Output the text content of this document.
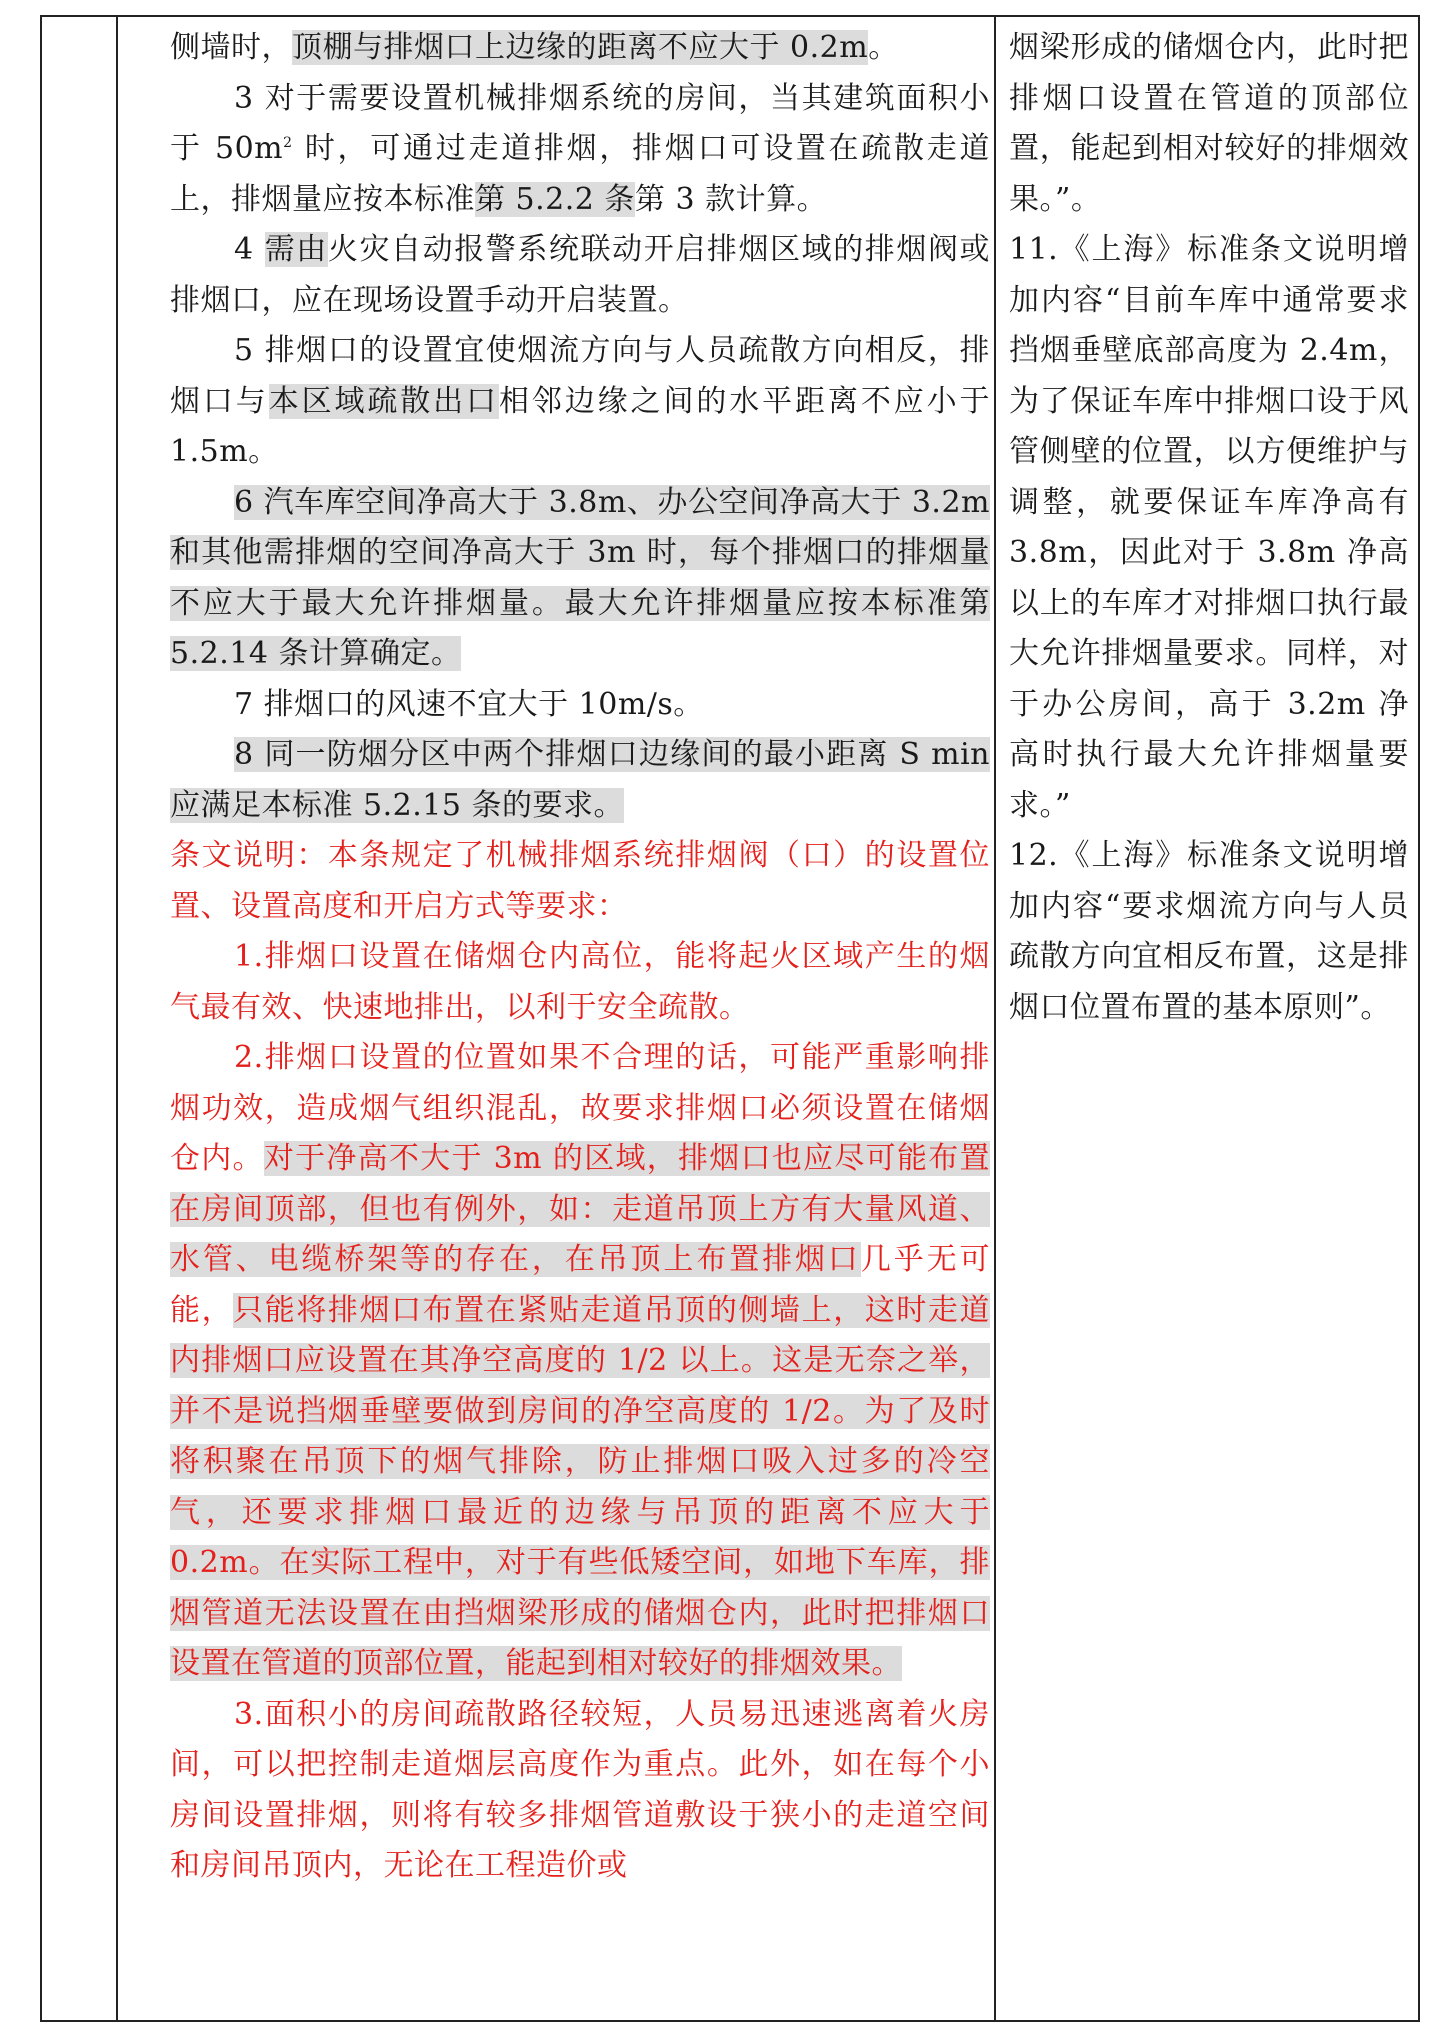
侧墙时，顶棚与排烟口上边缘的距离不应大于 0.2m。

3 对于需要设置机械排烟系统的房间，当其建筑面积小于 $50m^2$ 时，可通过走道排烟，排烟口可设置在疏散走道上，排烟量应按本标准第 5.2.2 条第 3 款计算。

4 需由火灾自动报警系统联动开启排烟区域的排烟阀或排烟口，应在现场设置手动开启装置。

5 排烟口的设置宜使烟流方向与人员疏散方向相反，排烟口与本区域疏散出口相邻边缘之间的水平距离不应小于 1.5m。

6 汽车库空间净高大于 3.8m、办公空间净高大于 3.2m 和其他需排烟的空间净高大于 3m 时，每个排烟口的排烟量不应大于最大允许排烟量。最大允许排烟量应按本标准第 5.2.14 条计算确定。

7 排烟口的风速不宜大于 10m/s。

8 同一防烟分区中两个排烟口边缘间的最小距离 S min 应满足本标准 5.2.15 条的要求。

条文说明：本条规定了机械排烟系统排烟阀（口）的设置位置、设置高度和开启方式等要求：

1.排烟口设置在储烟仓内高位，能将起火区域产生的烟气最有效、快速地排出，以利于安全疏散。

2.排烟口设置的位置如果不合理的话，可能严重影响排烟功效，造成烟气组织混乱，故要求排烟口必须设置在储烟仓内。对于净高不大于 3m 的区域，排烟口也应尽可能布置在房间顶部，但也有例外，如：走道吊顶上方有大量风道、水管、电缆桥架等的存在，在吊顶上布置排烟口几乎无可能，只能将排烟口布置在紧贴走道吊顶的侧墙上，这时走道内排烟口应设置在其净空高度的 1/2 以上。这是无奈之举，并不是说挡烟垂壁要做到房间的净空高度的 1/2。为了及时将积聚在吊顶下的烟气排除，防止排烟口吸入过多的冷空气，还要求排烟口最近的边缘与吊顶的距离不应大于 0.2m。在实际工程中，对于有些低矮空间，如地下车库，排烟管道无法设置在由挡烟梁形成的储烟仓内，此时把排烟口设置在管道的顶部位置，能起到相对较好的排烟效果。

3.面积小的房间疏散路径较短，人员易迅速逃离着火房间，可以把控制走道烟层高度作为重点。此外，如在每个小房间设置排烟，则将有较多排烟管道敷设于狭小的走道空间和房间吊顶内，无论在工程造价或

烟梁形成的储烟仓内，此时把排烟口设置在管道的顶部位置，能起到相对较好的排烟效果。”。

11.《上海》标准条文说明增加内容“目前车库中通常要求挡烟垂壁底部高度为 2.4m，为了保证车库中排烟口设于风管侧壁的位置，以方便维护与调整，就要保证车库净高有 3.8m，因此对于 3.8m 净高以上的车库才对排烟口执行最大允许排烟量要求。同样，对于办公房间，高于 3.2m 净高时执行最大允许排烟量要求。”

12.《上海》标准条文说明增加内容“要求烟流方向与人员疏散方向宜相反布置，这是排烟口位置布置的基本原则”。
